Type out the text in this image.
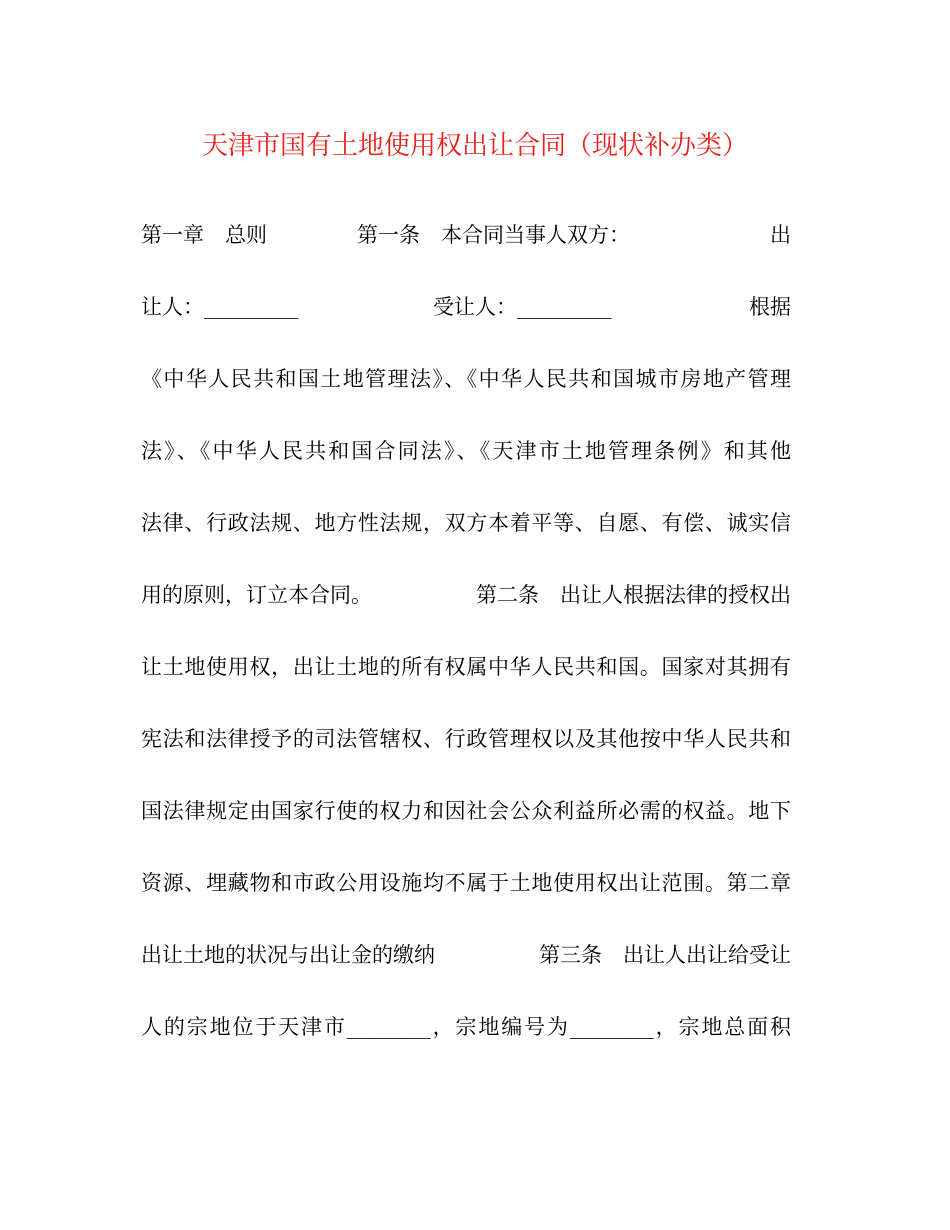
天津市国有土地使用权出让合同（现状补办类）
第一章　总则	第一条　本合同当事人双方：	出
让人：_________	受让人：_________	根据
《中华人民共和国土地管理法》、《中华人民共和国城市房地产管理
法》、《中华人民共和国合同法》、《天津市土地管理条例》和其他
法律、行政法规、地方性法规，双方本着平等、自愿、有偿、诚实信
用的原则，订立本合同。	第二条　出让人根据法律的授权出
让土地使用权，出让土地的所有权属中华人民共和国。国家对其拥有
宪法和法律授予的司法管辖权、行政管理权以及其他按中华人民共和
国法律规定由国家行使的权力和因社会公众利益所必需的权益。地下
资源、埋藏物和市政公用设施均不属于土地使用权出让范围。第二章
出让土地的状况与出让金的缴纳	第三条　出让人出让给受让
人的宗地位于天津市________，宗地编号为________，宗地总面积
